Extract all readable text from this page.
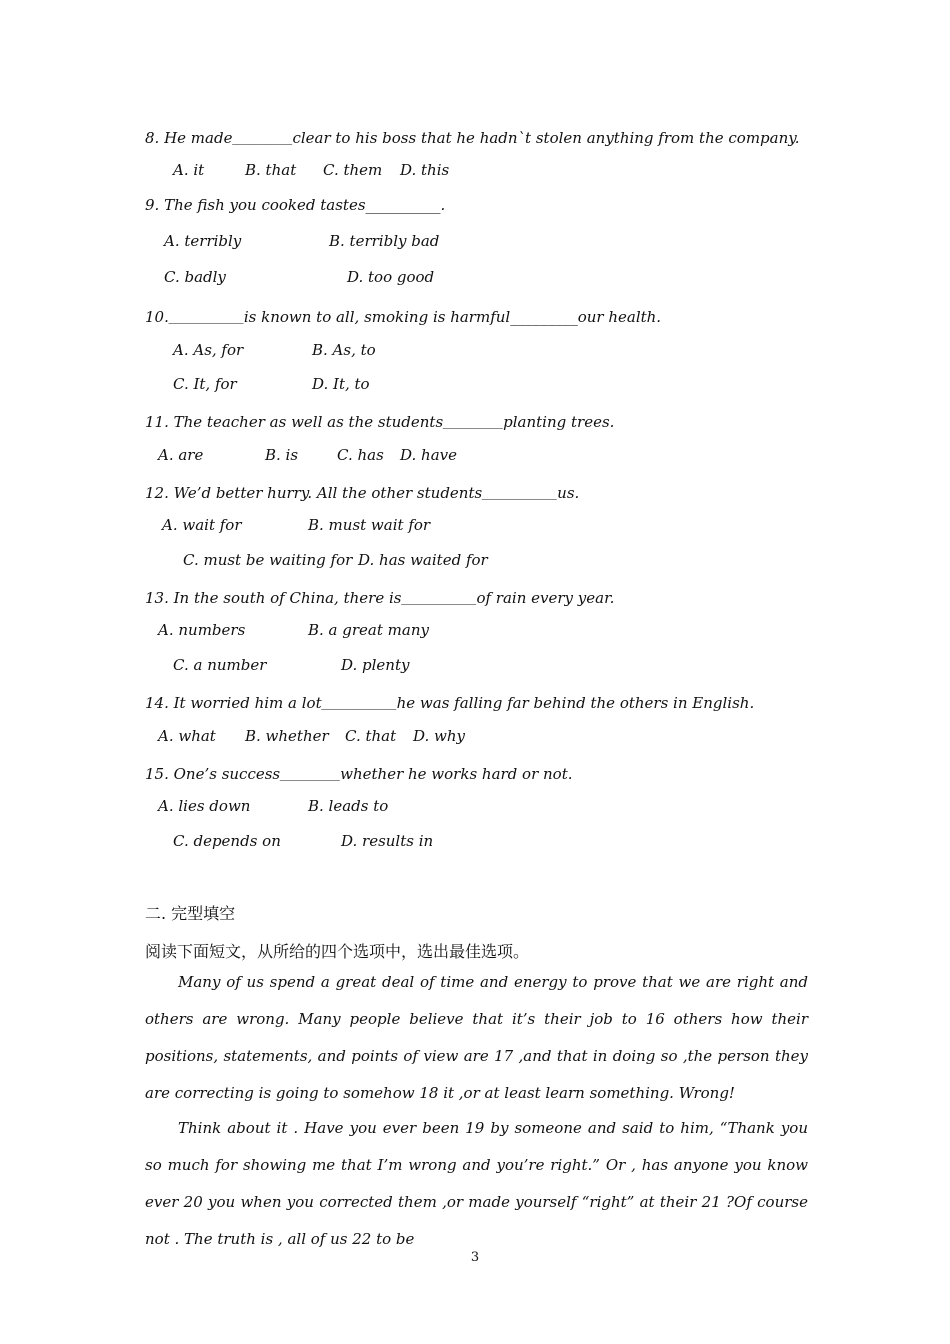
8. He made＿＿＿＿clear to his boss that he hadn`t stolen anything from the company.
A. it	B. that C. them D. this
9. The fish you cooked tastes__________.
A. terribly	B. terribly bad
C. badly	D. too good
10.＿＿＿＿＿is known to all, smoking is harmful_________our health.
A. As, for	B. As, to
C. It, for	D. It, to
11. The teacher as well as the students＿＿＿＿planting trees.
A. are	B. is	C. has D. have
12. We’d better hurry. All the other students＿＿＿＿＿us.
A. wait for	B. must wait for
C. must be waiting for D. has waited for
13. In the south of China, there is＿＿＿＿＿of rain every year.
A. numbers	B. a great many
C. a number	D. plenty
14. It worried him a lot＿＿＿＿＿he was falling far behind the others in English.
A. what B. whether C. that D. why
15. One’s success＿＿＿＿whether he works hard or not.
A. lies down	B. leads to
C. depends on	D. results in
二. 完型填空
阅读下面短文，从所给的四个选项中，选出最佳选项。
Many of us spend a great deal of time and energy to prove that we are right and others are wrong. Many people believe that it’s their job to 16 others how their positions, statements, and points of view are 17 ,and that in doing so ,the person they are correcting is going to somehow 18 it ,or at least learn something. Wrong!
Think about it . Have you ever been 19 by someone and said to him, “Thank you so much for showing me that I’m wrong and you’re right.” Or , has anyone you know ever 20 you when you corrected them ,or made yourself “right” at their 21 ?Of course not . The truth is , all of us 22 to be
3
